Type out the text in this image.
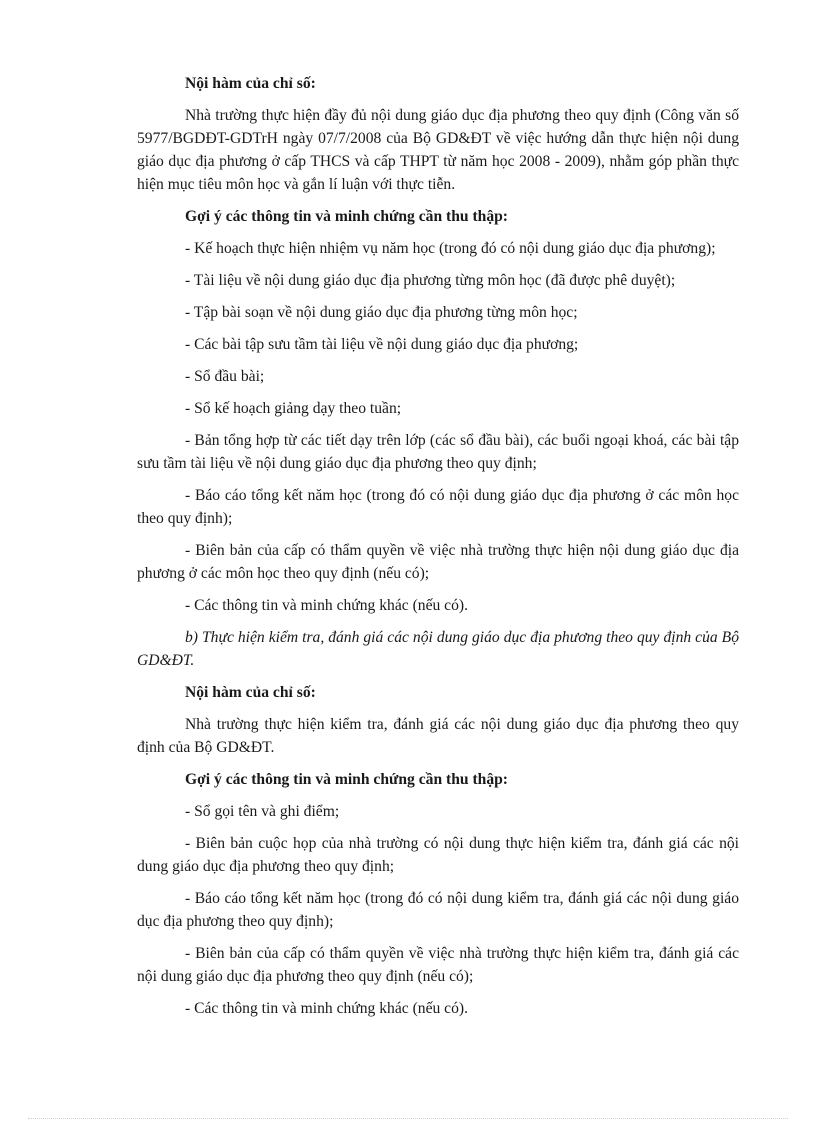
Nội hàm của chỉ số:

Nhà trường thực hiện đầy đủ nội dung giáo dục địa phương theo quy định (Công văn số 5977/BGDĐT-GDTrH ngày 07/7/2008 của Bộ GD&ĐT về việc hướng dẫn thực hiện nội dung giáo dục địa phương ở cấp THCS và cấp THPT từ năm học 2008 - 2009), nhằm góp phần thực hiện mục tiêu môn học và gắn lí luận với thực tiễn.

Gợi ý các thông tin và minh chứng cần thu thập:

- Kế hoạch thực hiện nhiệm vụ năm học (trong đó có nội dung giáo dục địa phương);

- Tài liệu về nội dung giáo dục địa phương từng môn học (đã được phê duyệt);

- Tập bài soạn về nội dung giáo dục địa phương từng môn học;

- Các bài tập sưu tầm tài liệu về nội dung giáo dục địa phương;

- Sổ đầu bài;

- Sổ kế hoạch giảng dạy theo tuần;

- Bản tổng hợp từ các tiết dạy trên lớp (các sổ đầu bài), các buổi ngoại khoá, các bài tập sưu tầm tài liệu về nội dung giáo dục địa phương theo quy định;

- Báo cáo tổng kết năm học (trong đó có nội dung giáo dục địa phương ở các môn học theo quy định);

- Biên bản của cấp có thẩm quyền về việc nhà trường thực hiện nội dung giáo dục địa phương ở các môn học theo quy định (nếu có);

- Các thông tin và minh chứng khác (nếu có).

b) Thực hiện kiểm tra, đánh giá các nội dung giáo dục địa phương theo quy định của Bộ GD&ĐT.

Nội hàm của chỉ số:

Nhà trường thực hiện kiểm tra, đánh giá các nội dung giáo dục địa phương theo quy định của Bộ GD&ĐT.

Gợi ý các thông tin và minh chứng cần thu thập:

- Sổ gọi tên và ghi điểm;

- Biên bản cuộc họp của nhà trường có nội dung thực hiện kiểm tra, đánh giá các nội dung giáo dục địa phương theo quy định;

- Báo cáo tổng kết năm học (trong đó có nội dung kiểm tra, đánh giá các nội dung giáo dục địa phương theo quy định);

- Biên bản của cấp có thẩm quyền về việc nhà trường thực hiện kiểm tra, đánh giá các nội dung giáo dục địa phương theo quy định (nếu có);

- Các thông tin và minh chứng khác (nếu có).
